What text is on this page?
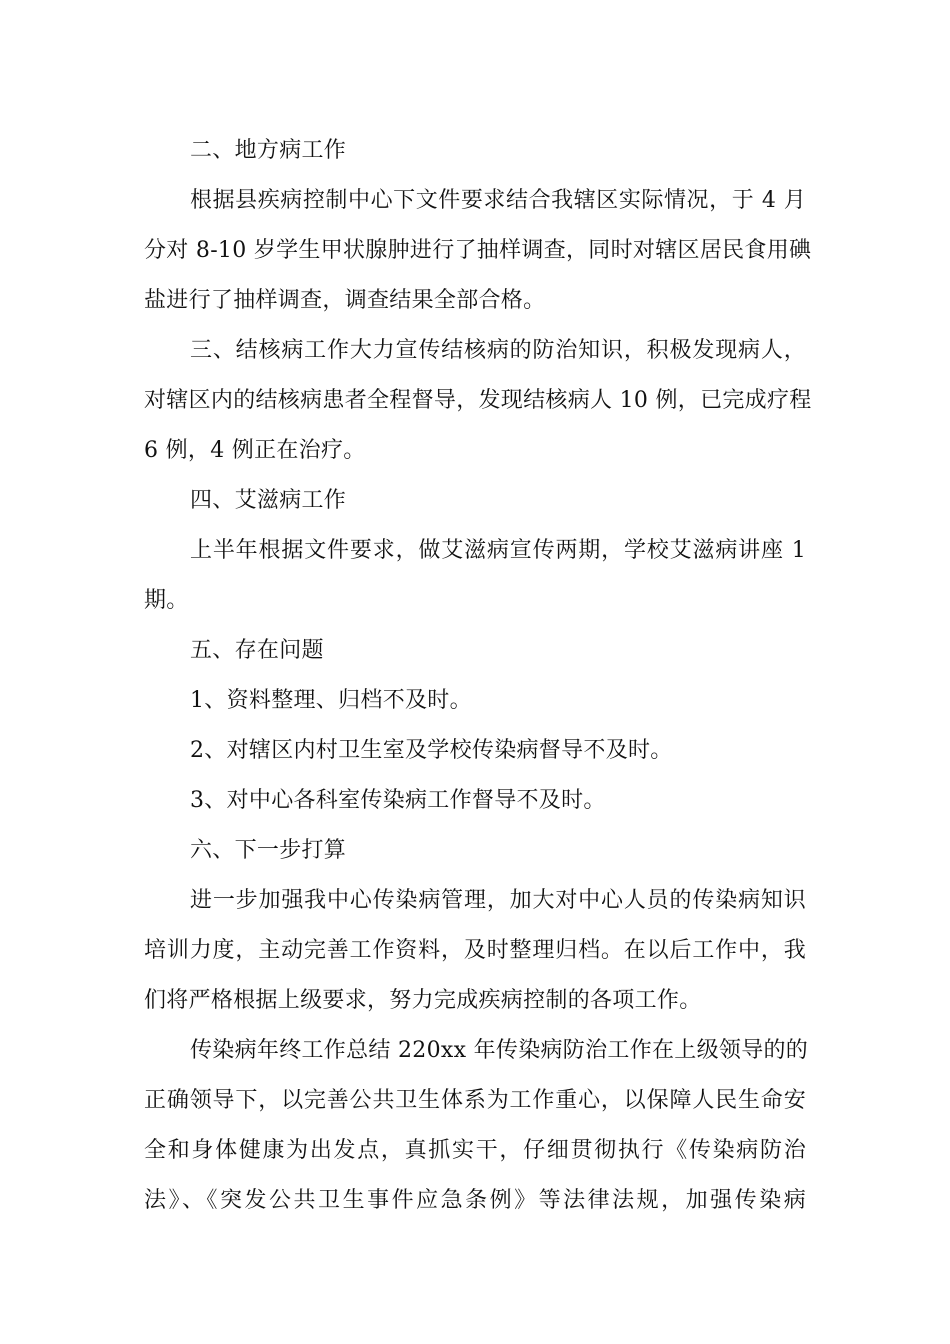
二、地方病工作
根据县疾病控制中心下文件要求结合我辖区实际情况，于 4 月
分对 8-10 岁学生甲状腺肿进行了抽样调查，同时对辖区居民食用碘
盐进行了抽样调查，调查结果全部合格。
三、结核病工作大力宣传结核病的防治知识，积极发现病人，
对辖区内的结核病患者全程督导，发现结核病人 10 例，已完成疗程
6 例，4 例正在治疗。
四、艾滋病工作
上半年根据文件要求，做艾滋病宣传两期，学校艾滋病讲座 1
期。
五、存在问题
1、资料整理、归档不及时。
2、对辖区内村卫生室及学校传染病督导不及时。
3、对中心各科室传染病工作督导不及时。
六、下一步打算
进一步加强我中心传染病管理，加大对中心人员的传染病知识
培训力度，主动完善工作资料，及时整理归档。在以后工作中，我
们将严格根据上级要求，努力完成疾病控制的各项工作。
传染病年终工作总结 220xx 年传染病防治工作在上级领导的的
正确领导下，以完善公共卫生体系为工作重心，以保障人民生命安
全和身体健康为出发点，真抓实干，仔细贯彻执行《传染病防治
法》、《突发公共卫生事件应急条例》等法律法规，加强传染病
